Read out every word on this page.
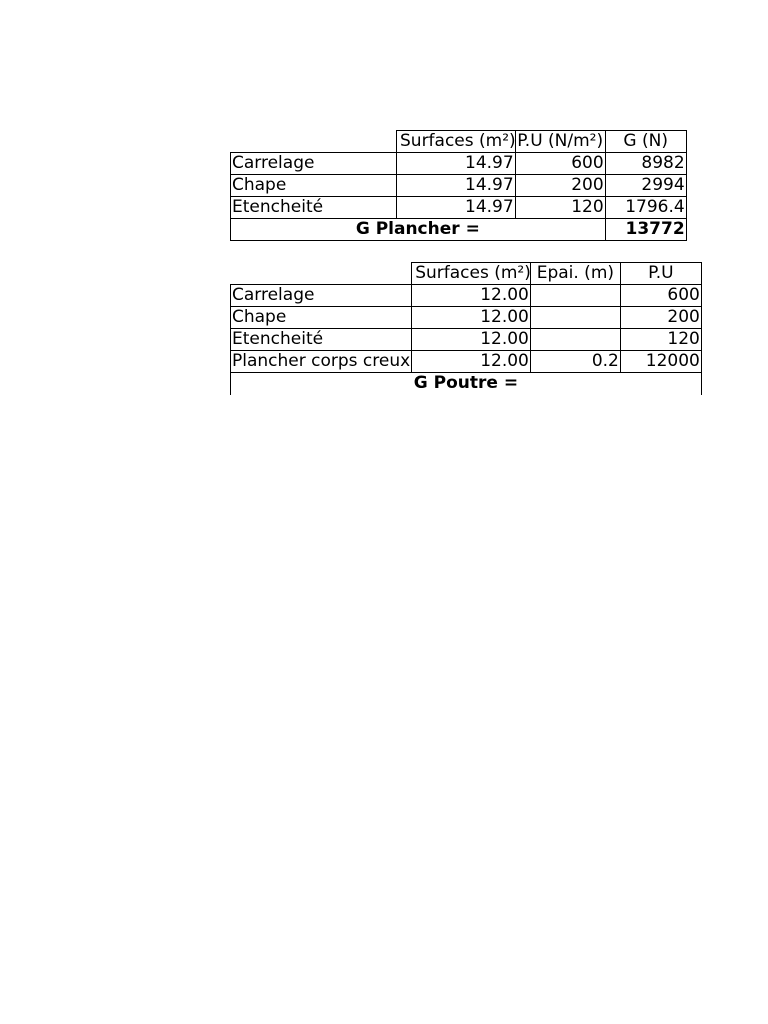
	Surfaces (m²)	P.U (N/m²)	G (N)
Carrelage	14.97	600	8982
Chape	14.97	200	2994
Etencheité	14.97	120	1796.4
G Plancher =			13772
	Surfaces (m²)	Epai. (m)	P.U
Carrelage	12.00		600
Chape	12.00		200
Etencheité	12.00		120
Plancher corps creux	12.00	0.2	12000
G Poutre =			
